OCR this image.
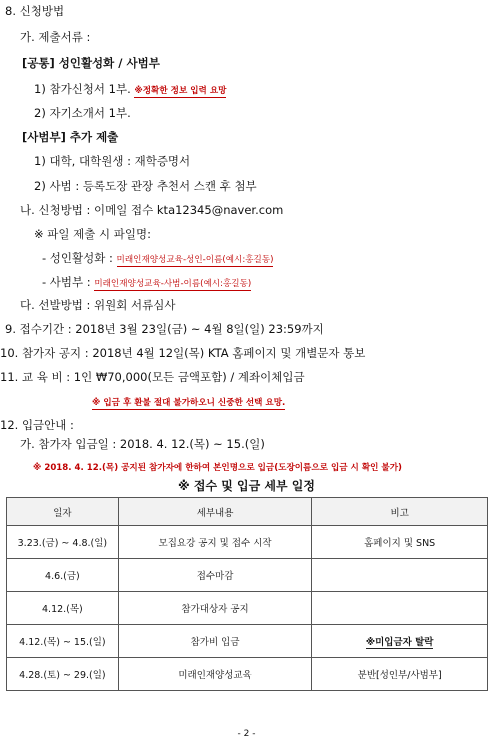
8. 신청방법
가. 제출서류 :
[공통] 성인활성화 / 사범부
1) 참가신청서 1부. ※정확한 정보 입력 요망
2) 자기소개서 1부.
[사범부] 추가 제출
1) 대학, 대학원생 : 재학증명서
2) 사범 : 등록도장 관장 추천서 스캔 후 첨부
나. 신청방법 : 이메일 접수 kta12345@naver.com
※ 파일 제출 시 파일명:
- 성인활성화 : 미래인재양성교육-성인-이름(예시:홍길동)
- 사범부 : 미래인재양성교육-사범-이름(예시:홍길동)
다. 선발방법 : 위원회 서류심사
9. 접수기간 : 2018년 3월 23일(금) ~ 4월 8일(일) 23:59까지
10. 참가자 공지 : 2018년 4월 12일(목) KTA 홈페이지 및 개별문자 통보
11. 교 육 비 : 1인 ₩70,000(모든 금액포함) / 계좌이체입금
※ 입금 후 환불 절대 불가하오니 신중한 선택 요망.
12. 입금안내 :
가. 참가자 입금일 : 2018. 4. 12.(목) ~ 15.(일)
※ 2018. 4. 12.(목) 공지된 참가자에 한하여 본인명으로 입금(도장이름으로 입금 시 확인 불가)
※ 접수 및 입금 세부 일정
일자	세부내용	비고
3.23.(금) ~ 4.8.(일)	모집요강 공지 및 접수 시작	홈페이지 및 SNS
4.6.(금)	접수마감	
4.12.(목)	참가대상자 공지	
4.12.(목) ~ 15.(일)	참가비 입금	※미입금자 탈락
4.28.(토) ~ 29.(일)	미래인재양성교육	분반[성인부/사범부]
- 2 -
